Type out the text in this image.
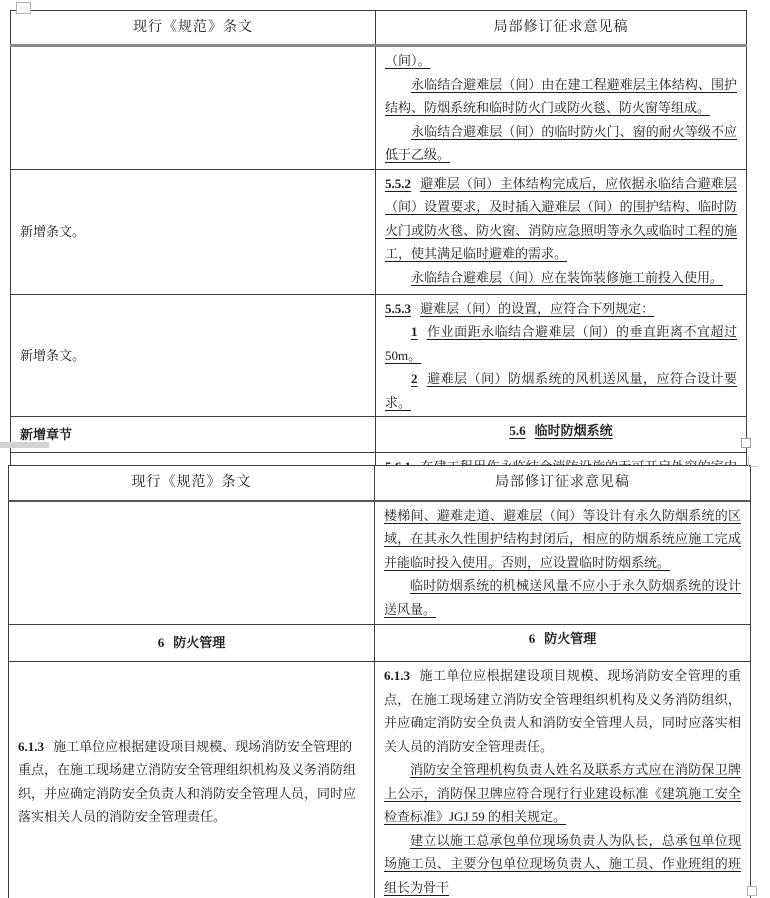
现行《规范》条文	局部修订征求意见稿

	（间）。

永临结合避难层（间）由在建工程避难层主体结构、围护结构、防烟系统和临时防火门或防火毯、防火窗等组成。

永临结合避难层（间）的临时防火门、窗的耐火等级不应低于乙级。

新增条文。	5.5.2 避难层（间）主体结构完成后，应依据永临结合避难层（间）设置要求，及时插入避难层（间）的围护结构、临时防火门或防火毯、防火窗、消防应急照明等永久或临时工程的施工，使其满足临时避难的需求。

永临结合避难层（间）应在装饰装修施工前投入使用。

新增条文。	5.5.3 避难层（间）的设置，应符合下列规定：

1 作业面距永临结合避难层（间）的垂直距离不宜超过 50m。

2 避难层（间）防烟系统的风机送风量，应符合设计要求。

新增章节	5.6 临时防烟系统

现行《规范》条文	局部修订征求意见稿

	楼梯间、避难走道、避难层（间）等设计有永久防烟系统的区域，在其永久性围护结构封闭后，相应的防烟系统应施工完成并能临时投入使用。否则，应设置临时防烟系统。

临时防烟系统的机械送风量不应小于永久防烟系统的设计送风量。

6 防火管理	6 防火管理

6.1.3 施工单位应根据建设项目规模、现场消防安全管理的重点，在施工现场建立消防安全管理组织机构及义务消防组织，并应确定消防安全负责人和消防安全管理人员，同时应落实相关人员的消防安全管理责任。	6.1.3 施工单位应根据建设项目规模、现场消防安全管理的重点，在施工现场建立消防安全管理组织机构及义务消防组织，并应确定消防安全负责人和消防安全管理人员，同时应落实相关人员的消防安全管理责任。

消防安全管理机构负责人姓名及联系方式应在消防保卫牌上公示，消防保卫牌应符合现行行业建设标准《建筑施工安全检查标准》JGJ 59 的相关规定。

建立以施工总承包单位现场负责人为队长，总承包单位现场施工员、主要分包单位现场负责人、施工员、作业班组的班组长为骨干
